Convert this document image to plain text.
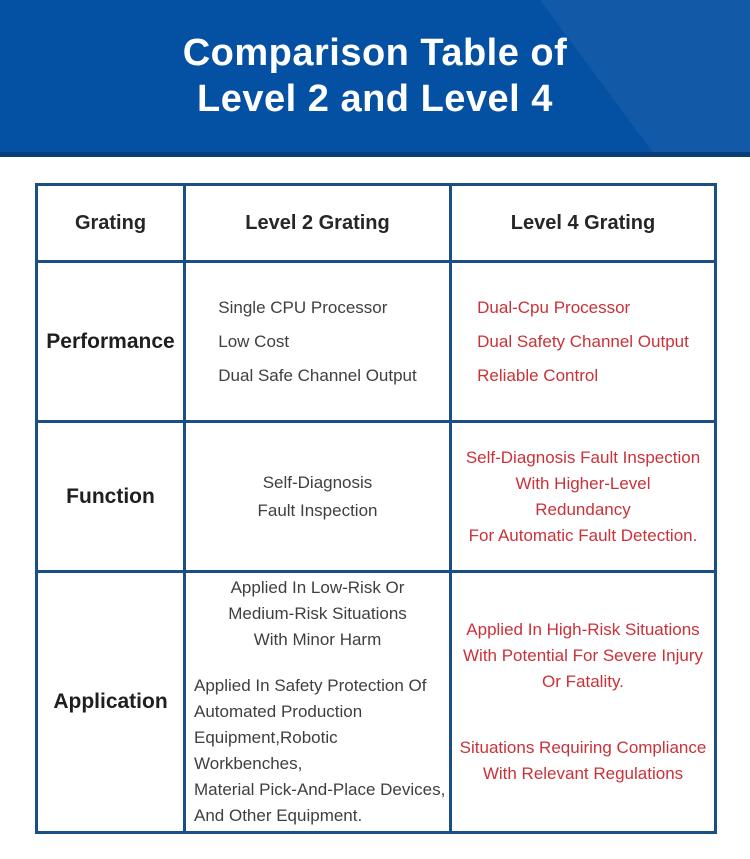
Comparison Table of
Level 2 and Level 4
Grating	Level 2 Grating	Level 4 Grating
Performance
Single CPU Processor
Low Cost
Dual Safe Channel Output
Dual-Cpu Processor
Dual Safety Channel Output
Reliable Control
Function
Self-Diagnosis
Fault Inspection
Self-Diagnosis Fault Inspection
With Higher-Level
Redundancy
For Automatic Fault Detection.
Application
Applied In Low-Risk Or
Medium-Risk Situations
With Minor Harm
Applied In Safety Protection Of
Automated Production
Equipment,Robotic Workbenches,
Material Pick-And-Place Devices,
And Other Equipment.
Applied In High-Risk Situations
With Potential For Severe Injury
Or Fatality.
Situations Requiring Compliance
With Relevant Regulations
